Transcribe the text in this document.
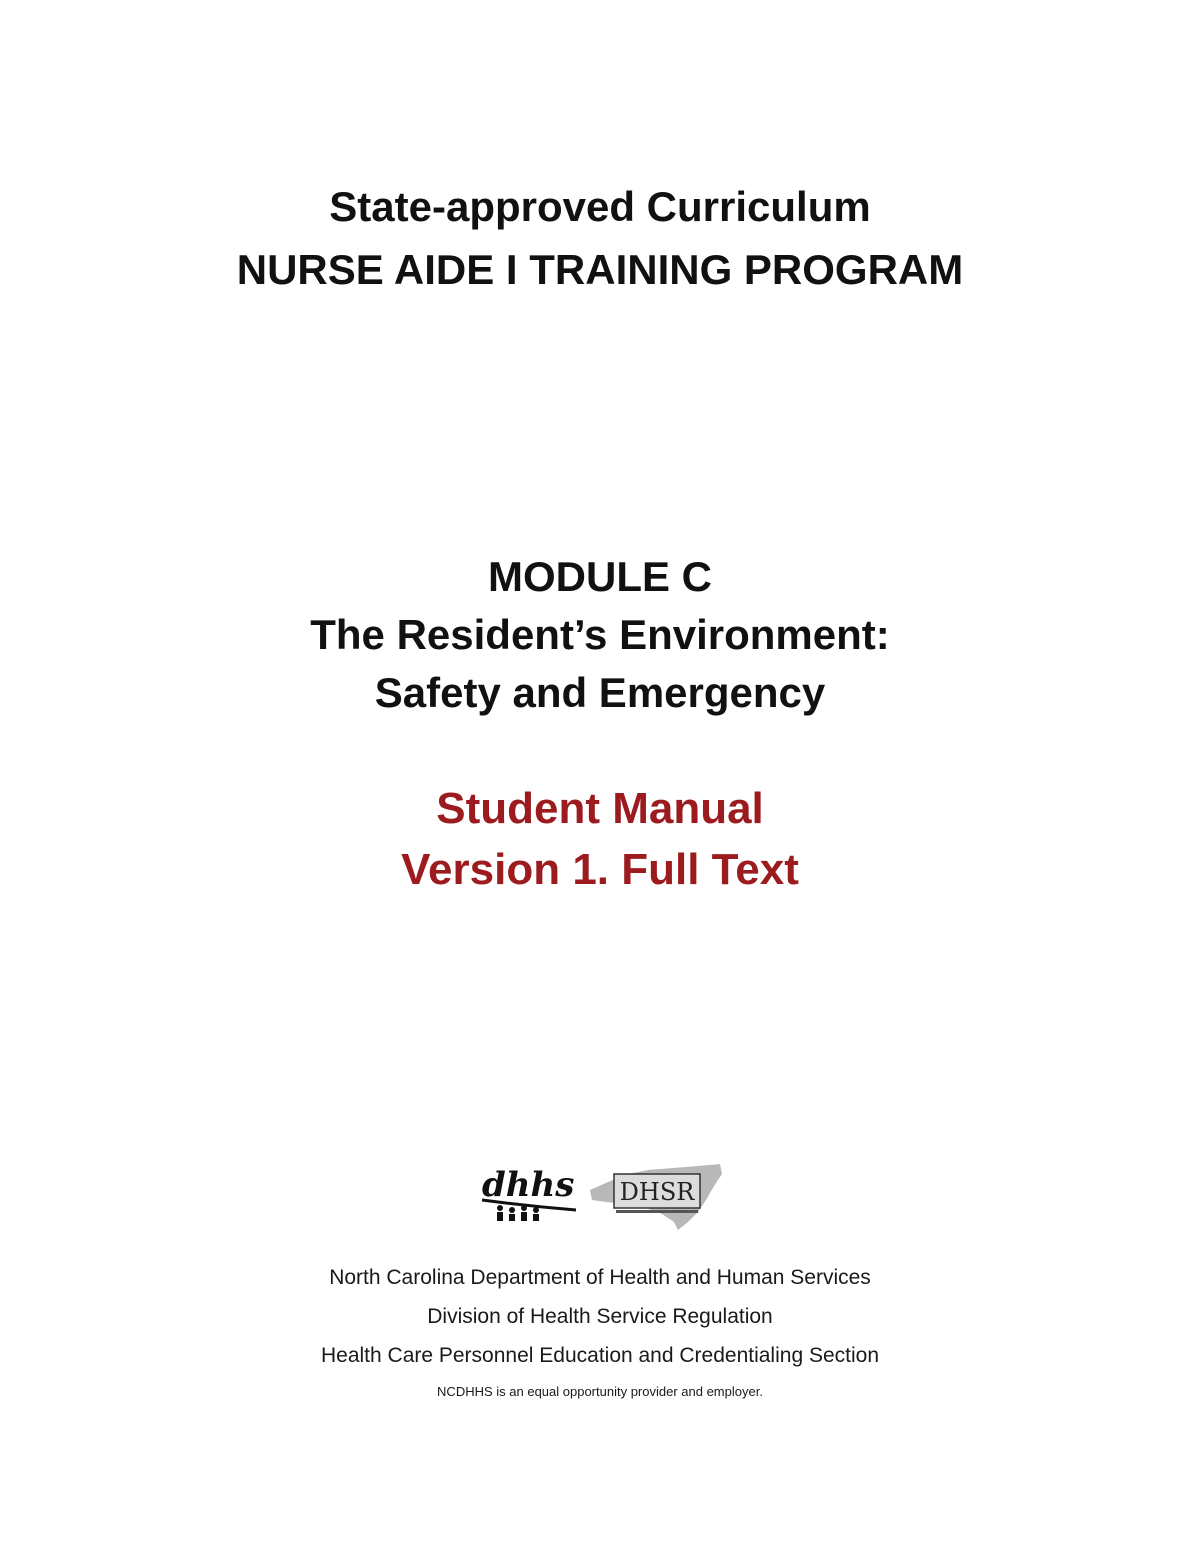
State-approved Curriculum

NURSE AIDE I TRAINING PROGRAM

MODULE C

The Resident’s Environment:

Safety and Emergency

Student Manual

Version 1. Full Text

dhhs DHSR
North Carolina Department of Health and Human Services
Division of Health Service Regulation
Health Care Personnel Education and Credentialing Section
NCDHHS is an equal opportunity provider and employer.
